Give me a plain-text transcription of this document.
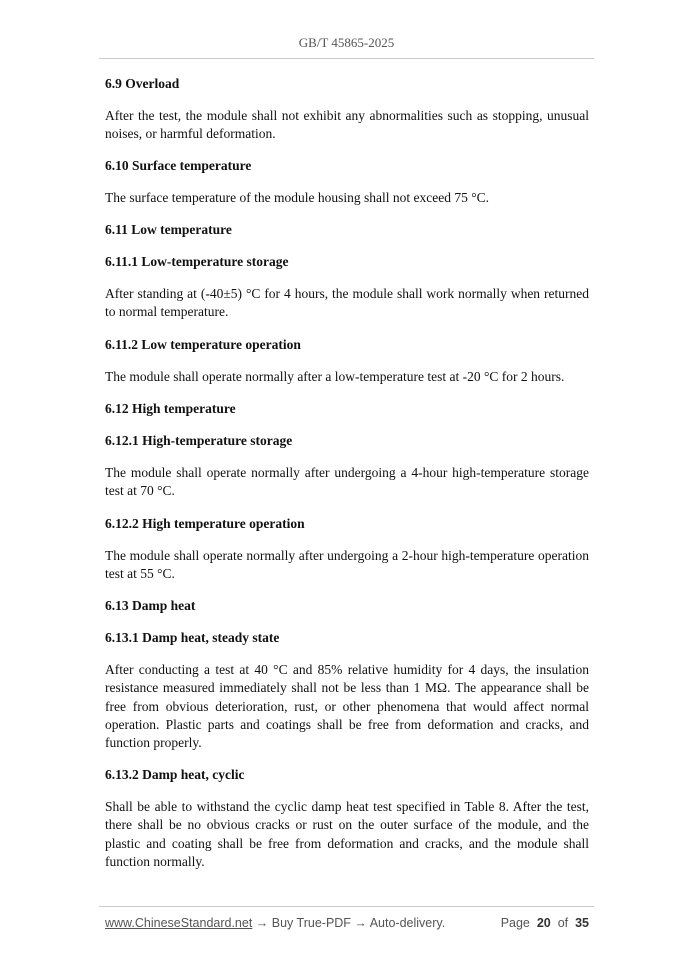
GB/T 45865-2025
6.9 Overload
After the test, the module shall not exhibit any abnormalities such as stopping, unusual noises, or harmful deformation.
6.10 Surface temperature
The surface temperature of the module housing shall not exceed 75 °C.
6.11 Low temperature
6.11.1 Low-temperature storage
After standing at (-40±5) °C for 4 hours, the module shall work normally when returned to normal temperature.
6.11.2 Low temperature operation
The module shall operate normally after a low-temperature test at -20 °C for 2 hours.
6.12 High temperature
6.12.1 High-temperature storage
The module shall operate normally after undergoing a 4-hour high-temperature storage test at 70 °C.
6.12.2 High temperature operation
The module shall operate normally after undergoing a 2-hour high-temperature operation test at 55 °C.
6.13 Damp heat
6.13.1 Damp heat, steady state
After conducting a test at 40 °C and 85% relative humidity for 4 days, the insulation resistance measured immediately shall not be less than 1 MΩ. The appearance shall be free from obvious deterioration, rust, or other phenomena that would affect normal operation. Plastic parts and coatings shall be free from deformation and cracks, and function properly.
6.13.2 Damp heat, cyclic
Shall be able to withstand the cyclic damp heat test specified in Table 8. After the test, there shall be no obvious cracks or rust on the outer surface of the module, and the plastic and coating shall be free from deformation and cracks, and the module shall function normally.
www.ChineseStandard.net → Buy True-PDF → Auto-delivery.	Page 20 of 35
